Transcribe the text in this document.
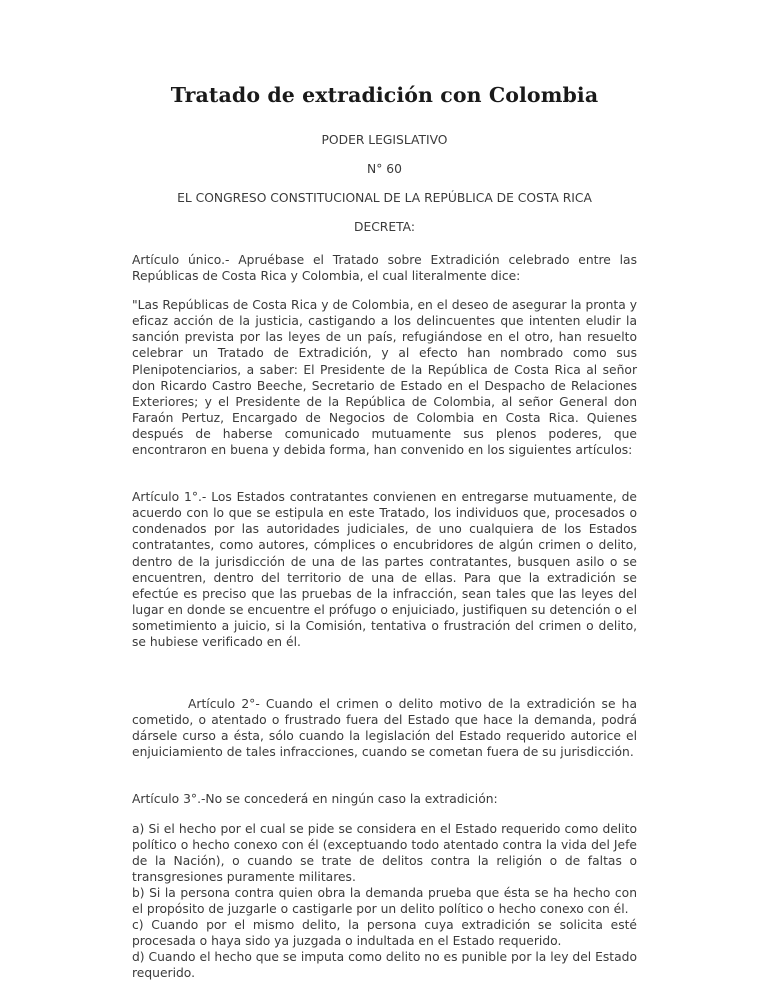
Tratado de extradición con Colombia

PODER LEGISLATIVO

N° 60

EL CONGRESO CONSTITUCIONAL DE LA REPÚBLICA DE COSTA RICA

DECRETA:

Artículo único.- Apruébase el Tratado sobre Extradición celebrado entre las Repúblicas de Costa Rica y Colombia, el cual literalmente dice:

"Las Repúblicas de Costa Rica y de Colombia, en el deseo de asegurar la pronta y eficaz acción de la justicia, castigando a los delincuentes que intenten eludir la sanción prevista por las leyes de un país, refugiándose en el otro, han resuelto celebrar un Tratado de Extradición, y al efecto han nombrado como sus Plenipotenciarios, a saber: El Presidente de la República de Costa Rica al señor don Ricardo Castro Beeche, Secretario de Estado en el Despacho de Relaciones Exteriores; y el Presidente de la República de Colombia, al señor General don Faraón Pertuz, Encargado de Negocios de Colombia en Costa Rica. Quienes después de haberse comunicado mutuamente sus plenos poderes, que encontraron en buena y debida forma, han convenido en los siguientes artículos:

Artículo 1°.- Los Estados contratantes convienen en entregarse mutuamente, de acuerdo con lo que se estipula en este Tratado, los individuos que, procesados o condenados por las autoridades judiciales, de uno cualquiera de los Estados contratantes, como autores, cómplices o encubridores de algún crimen o delito, dentro de la jurisdicción de una de las partes contratantes, busquen asilo o se encuentren, dentro del territorio de una de ellas. Para que la extradición se efectúe es preciso que las pruebas de la infracción, sean tales que las leyes del lugar en donde se encuentre el prófugo o enjuiciado, justifiquen su detención o el sometimiento a juicio, si la Comisión, tentativa o frustración del crimen o delito, se hubiese verificado en él.

Artículo 2°- Cuando el crimen o delito motivo de la extradición se ha cometido, o atentado o frustrado fuera del Estado que hace la demanda, podrá dársele curso a ésta, sólo cuando la legislación del Estado requerido autorice el enjuiciamiento de tales infracciones, cuando se cometan fuera de su jurisdicción.

Artículo 3°.-No se concederá en ningún caso la extradición:

a) Si el hecho por el cual se pide se considera en el Estado requerido como delito político o hecho conexo con él (exceptuando todo atentado contra la vida del Jefe de la Nación), o cuando se trate de delitos contra la religión o de faltas o transgresiones puramente militares.

b) Si la persona contra quien obra la demanda prueba que ésta se ha hecho con el propósito de juzgarle o castigarle por un delito político o hecho conexo con él.

c) Cuando por el mismo delito, la persona cuya extradición se solicita esté procesada o haya sido ya juzgada o indultada en el Estado requerido.

d) Cuando el hecho que se imputa como delito no es punible por la ley del Estado requerido.
